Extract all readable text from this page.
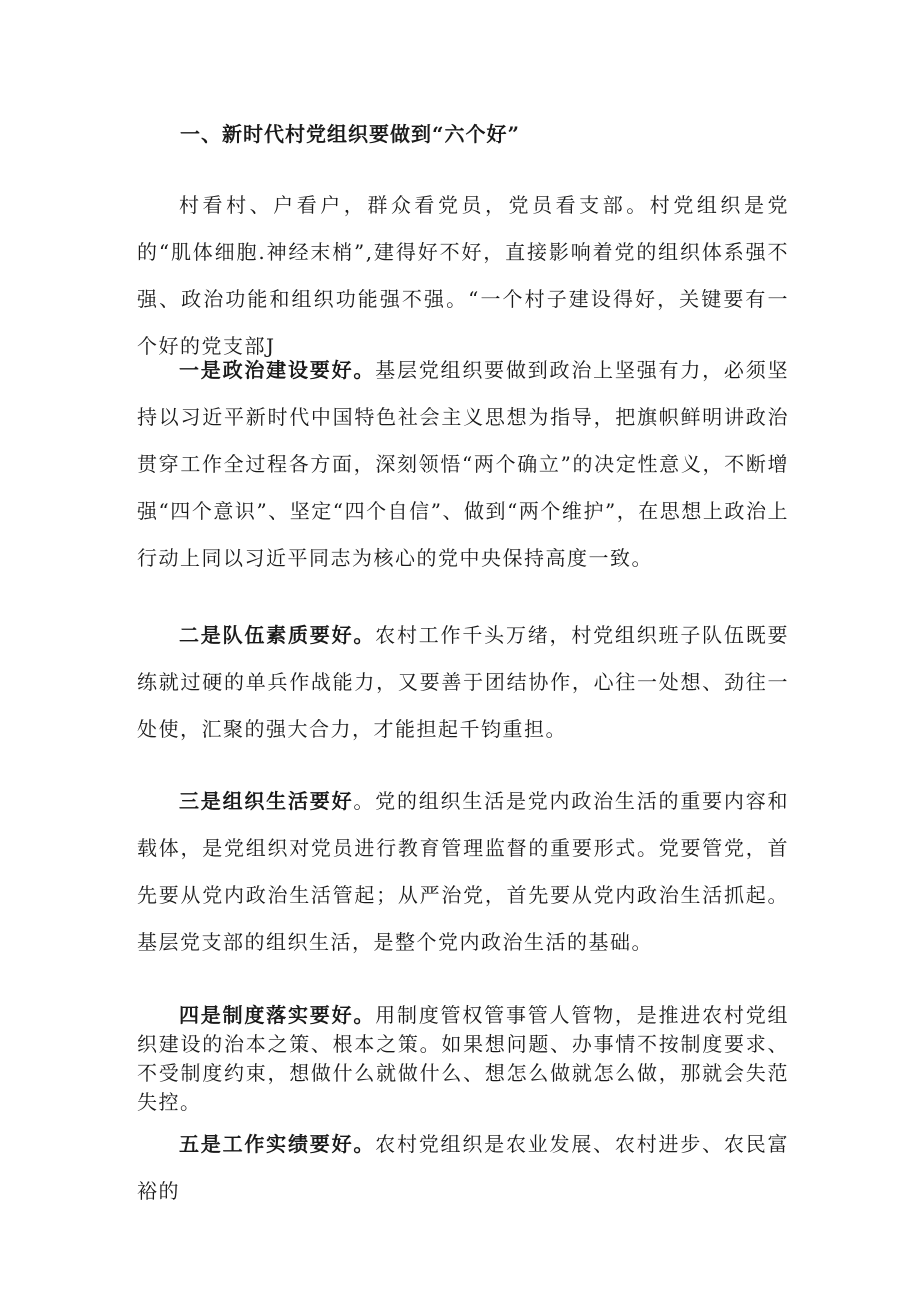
一、新时代村党组织要做到“六个好”

村看村、户看户，群众看党员，党员看支部。村党组织是党的“肌体细胞.神经末梢”,建得好不好，直接影响着党的组织体系强不强、政治功能和组织功能强不强。“一个村子建设得好，关键要有一个好的党支部J

一是政治建设要好。基层党组织要做到政治上坚强有力，必须坚持以习近平新时代中国特色社会主义思想为指导，把旗帜鲜明讲政治贯穿工作全过程各方面，深刻领悟“两个确立”的决定性意义，不断增强“四个意识”、坚定“四个自信”、做到“两个维护”，在思想上政治上行动上同以习近平同志为核心的党中央保持高度一致。

二是队伍素质要好。农村工作千头万绪，村党组织班子队伍既要练就过硬的单兵作战能力，又要善于团结协作，心往一处想、劲往一处使，汇聚的强大合力，才能担起千钧重担。

三是组织生活要好。党的组织生活是党内政治生活的重要内容和载体，是党组织对党员进行教育管理监督的重要形式。党要管党，首先要从党内政治生活管起；从严治党，首先要从党内政治生活抓起。基层党支部的组织生活，是整个党内政治生活的基础。

四是制度落实要好。用制度管权管事管人管物，是推进农村党组织建设的治本之策、根本之策。如果想问题、办事情不按制度要求、不受制度约束，想做什么就做什么、想怎么做就怎么做，那就会失范失控。

五是工作实绩要好。农村党组织是农业发展、农村进步、农民富裕的
